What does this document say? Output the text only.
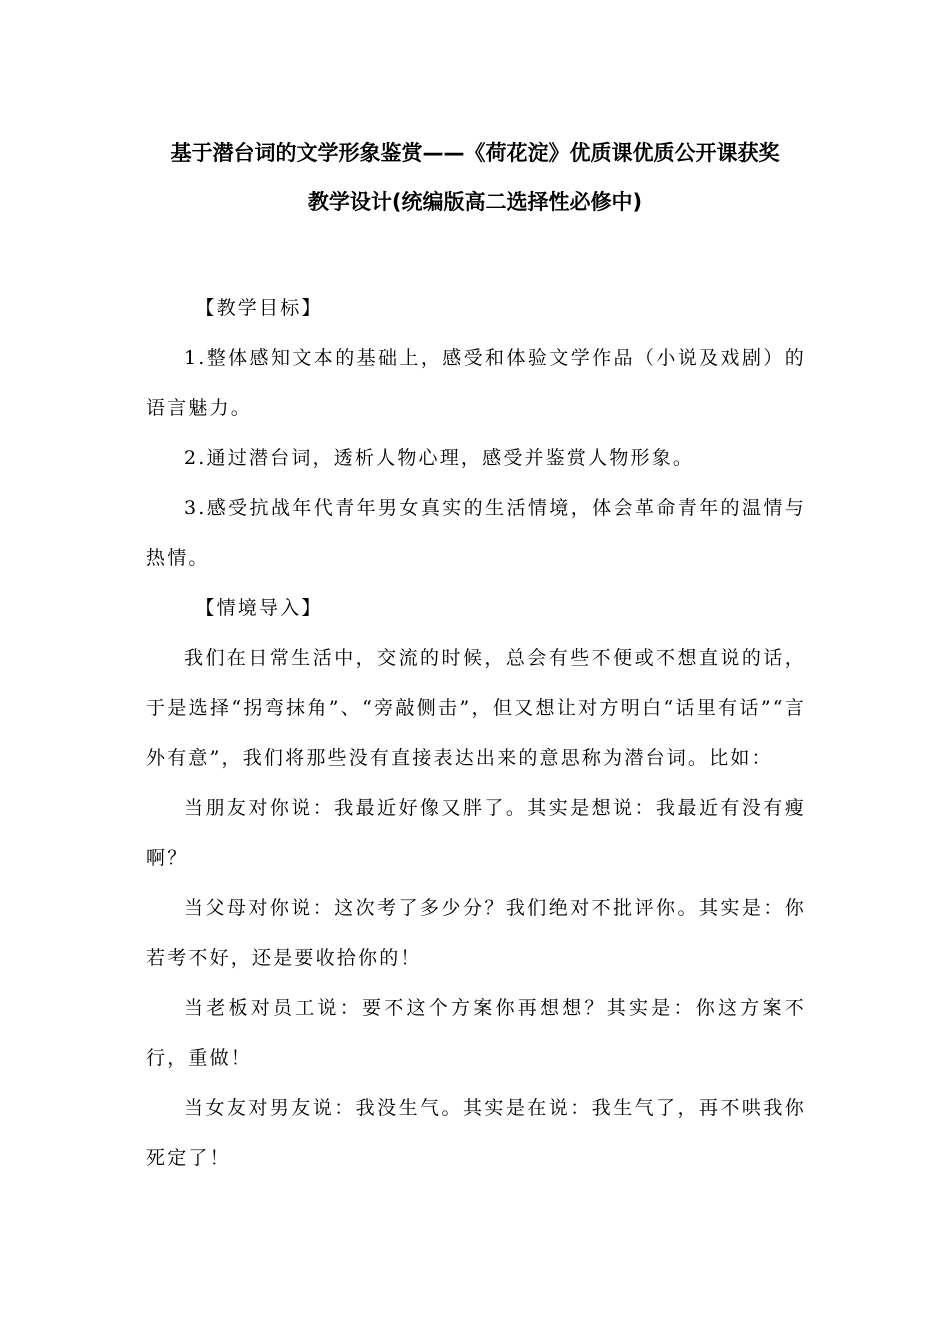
基于潜台词的文学形象鉴赏——《荷花淀》优质课优质公开课获奖
教学设计(统编版高二选择性必修中)

【教学目标】

1.整体感知文本的基础上，感受和体验文学作品（小说及戏剧）的语言魅力。

2.通过潜台词，透析人物心理，感受并鉴赏人物形象。

3.感受抗战年代青年男女真实的生活情境，体会革命青年的温情与热情。

【情境导入】

我们在日常生活中，交流的时候，总会有些不便或不想直说的话，于是选择“拐弯抹角”、“旁敲侧击”，但又想让对方明白“话里有话”“言外有意”，我们将那些没有直接表达出来的意思称为潜台词。比如：

当朋友对你说：我最近好像又胖了。其实是想说：我最近有没有瘦啊？

当父母对你说：这次考了多少分？我们绝对不批评你。其实是：你若考不好，还是要收拾你的！

当老板对员工说：要不这个方案你再想想？其实是：你这方案不行，重做！

当女友对男友说：我没生气。其实是在说：我生气了，再不哄我你死定了！
